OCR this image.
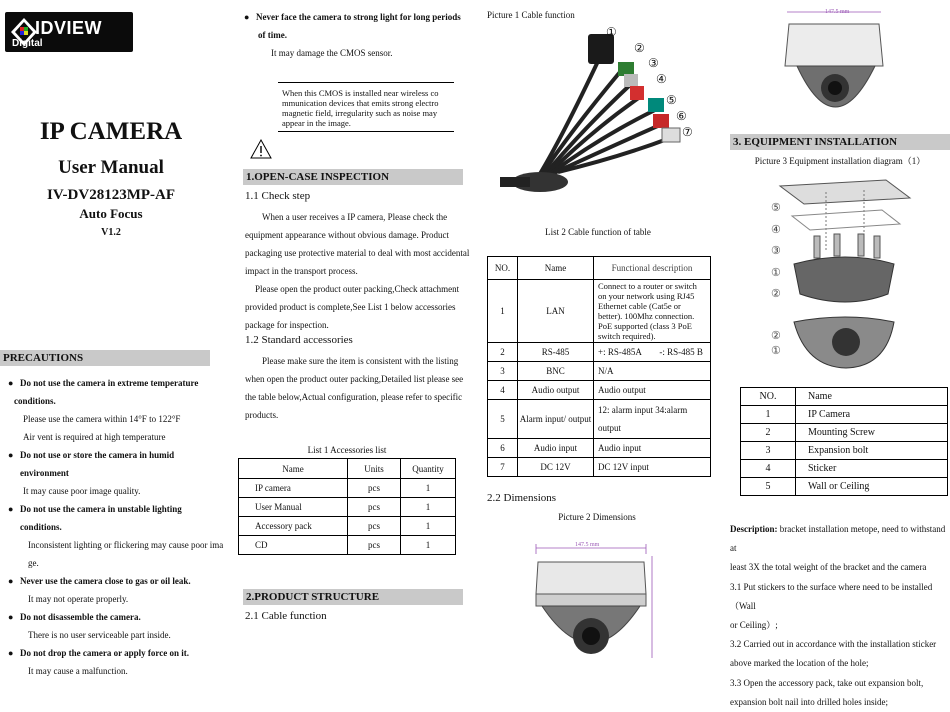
IDVIEW
Digital
IP CAMERA
User Manual
IV-DV28123MP-AF
Auto Focus
V1.2
PRECAUTIONS
● Do not use the camera in extreme temperature
conditions.
Please use the camera within 14°F to 122°F
Air vent is required at high temperature
● Do not use or store the camera in humid environment
It may cause poor image quality.
● Do not use the camera in unstable lighting conditions.
Inconsistent lighting or flickering may cause poor ima
ge.
● Never use the camera close to gas or oil leak.
It may not operate properly.
● Do not disassemble the camera.
There is no user serviceable part inside.
● Do not drop the camera or apply force on it.
It may cause a malfunction.
● Never face the camera to strong light for long periods
of time.
It may damage the CMOS sensor.
When this CMOS is installed near wireless co
mmunication devices that emits strong electro
magnetic field, irregularity such as noise may
appear in the image.
1.OPEN-CASE INSPECTION
1.1 Check step
When a user receives a IP camera, Please check the
equipment appearance without obvious damage. Product
packaging use protective material to deal with most accidental
impact in the transport process.
Please open the product outer packing,Check attachment
provided product is complete,See List 1 below accessories
package for inspection.
1.2 Standard accessories
Please make sure the item is consistent with the listing
when open the product outer packing,Detailed list please see
the table below,Actual configuration, please refer to specific
products.
List 1 Accessories list
Name	Units	Quantity
IP camera	pcs	1
User Manual	pcs	1
Accessory pack	pcs	1
CD	pcs	1
2.PRODUCT STRUCTURE
2.1 Cable function
Picture 1 Cable function
①
②
③
④
⑤
⑥
⑦
List 2 Cable function of table
NO.	Name	Functional description
1	LAN	Connect to a router or switch on your network using RJ45 Ethernet cable (Cat5e or better). 100Mhz connection. PoE supported (class 3 PoE switch required).
2	RS-485	+: RS-485A        -: RS-485 B
3	BNC	N/A
4	Audio output	Audio output
5	Alarm input/ output	12: alarm input 34:alarm output
6	Audio input	Audio input
7	DC 12V	DC 12V input
2.2 Dimensions
Picture 2 Dimensions
147.5 mm
147.5 mm
3. EQUIPMENT INSTALLATION
Picture 3 Equipment installation diagram（1）
⑤
④
③
①
②
②
①
NO.	Name
1	IP Camera
2	Mounting Screw
3	Expansion bolt
4	Sticker
5	Wall or Ceiling
Description: bracket installation metope, need to withstand at
least 3X the total weight of the bracket and the camera
3.1 Put stickers to the surface where need to be installed（Wall
or Ceiling）;
3.2 Carried out in accordance with the installation sticker
above marked the location of the hole;
3.3 Open the accessory pack, take out expansion bolt,
expansion bolt nail into drilled holes inside;
